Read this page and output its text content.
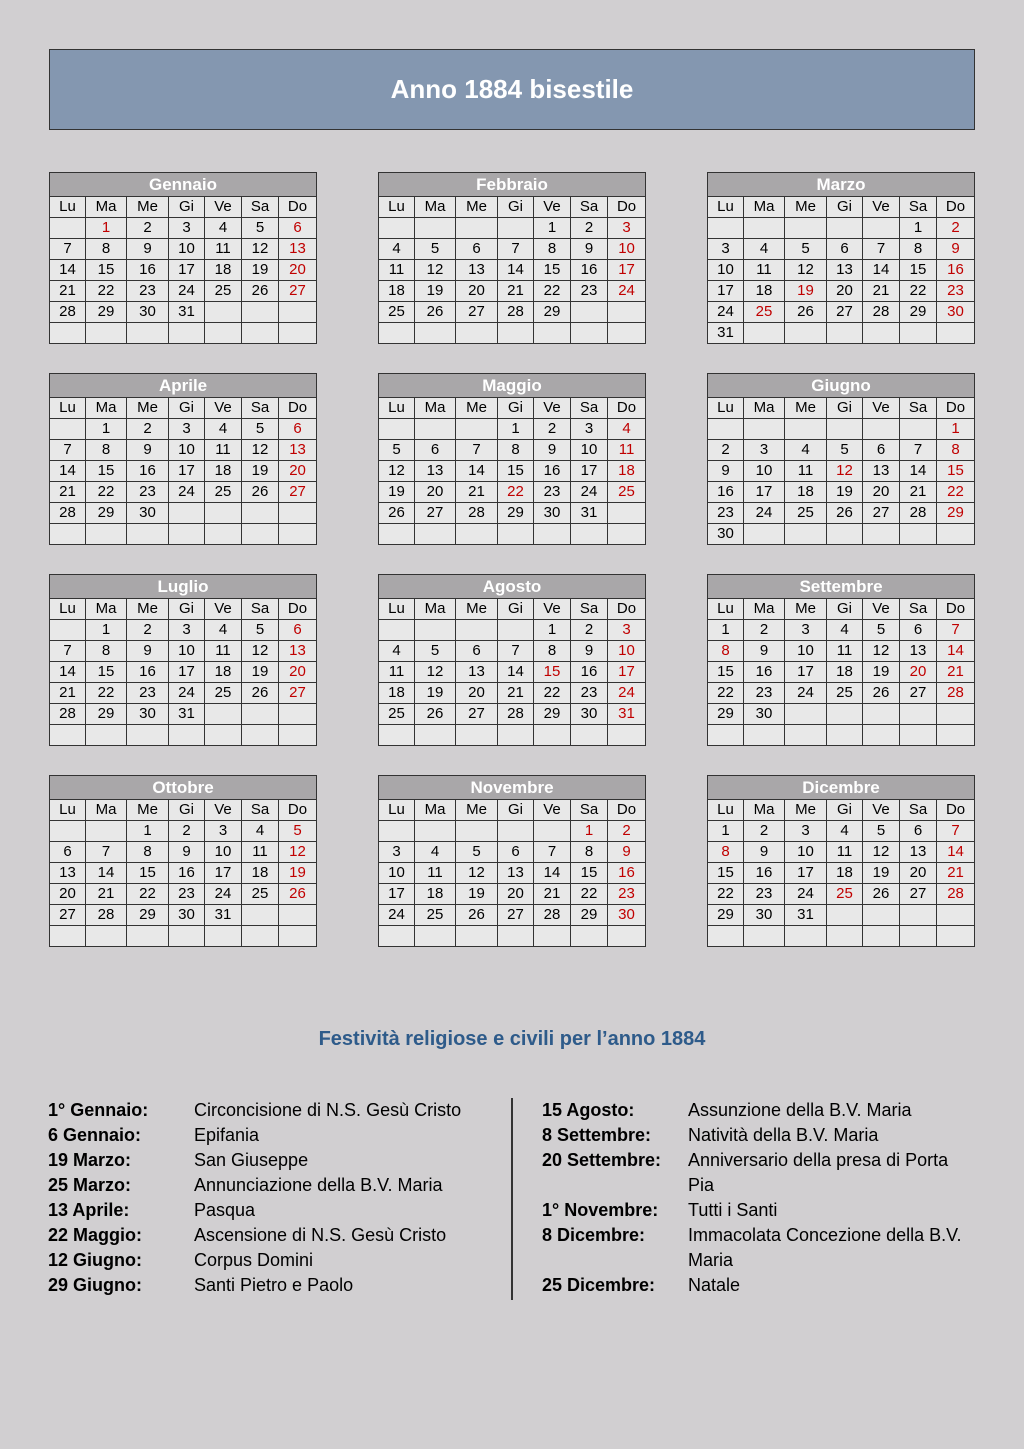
Anno 1884 bisestile
Gennaio						
Lu	Ma	Me	Gi	Ve	Sa	Do
	1	2	3	4	5	6
7	8	9	10	11	12	13
14	15	16	17	18	19	20
21	22	23	24	25	26	27
28	29	30	31			

Febbraio						
Lu	Ma	Me	Gi	Ve	Sa	Do
				1	2	3
4	5	6	7	8	9	10
11	12	13	14	15	16	17
18	19	20	21	22	23	24
25	26	27	28	29		

Marzo						
Lu	Ma	Me	Gi	Ve	Sa	Do
					1	2
3	4	5	6	7	8	9
10	11	12	13	14	15	16
17	18	19	20	21	22	23
24	25	26	27	28	29	30
31						
Aprile						
Lu	Ma	Me	Gi	Ve	Sa	Do
	1	2	3	4	5	6
7	8	9	10	11	12	13
14	15	16	17	18	19	20
21	22	23	24	25	26	27
28	29	30				

Maggio						
Lu	Ma	Me	Gi	Ve	Sa	Do
			1	2	3	4
5	6	7	8	9	10	11
12	13	14	15	16	17	18
19	20	21	22	23	24	25
26	27	28	29	30	31	

Giugno						
Lu	Ma	Me	Gi	Ve	Sa	Do
						1
2	3	4	5	6	7	8
9	10	11	12	13	14	15
16	17	18	19	20	21	22
23	24	25	26	27	28	29
30						
Luglio						
Lu	Ma	Me	Gi	Ve	Sa	Do
	1	2	3	4	5	6
7	8	9	10	11	12	13
14	15	16	17	18	19	20
21	22	23	24	25	26	27
28	29	30	31			

Agosto						
Lu	Ma	Me	Gi	Ve	Sa	Do
				1	2	3
4	5	6	7	8	9	10
11	12	13	14	15	16	17
18	19	20	21	22	23	24
25	26	27	28	29	30	31

Settembre						
Lu	Ma	Me	Gi	Ve	Sa	Do
1	2	3	4	5	6	7
8	9	10	11	12	13	14
15	16	17	18	19	20	21
22	23	24	25	26	27	28
29	30					

Ottobre						
Lu	Ma	Me	Gi	Ve	Sa	Do
		1	2	3	4	5
6	7	8	9	10	11	12
13	14	15	16	17	18	19
20	21	22	23	24	25	26
27	28	29	30	31		

Novembre						
Lu	Ma	Me	Gi	Ve	Sa	Do
					1	2
3	4	5	6	7	8	9
10	11	12	13	14	15	16
17	18	19	20	21	22	23
24	25	26	27	28	29	30

Dicembre						
Lu	Ma	Me	Gi	Ve	Sa	Do
1	2	3	4	5	6	7
8	9	10	11	12	13	14
15	16	17	18	19	20	21
22	23	24	25	26	27	28
29	30	31				

Festività religiose e civili per l’anno 1884
1° Gennaio:	Circoncisione di N.S. Gesù Cristo
6 Gennaio:	Epifania
19 Marzo:	San Giuseppe
25 Marzo:	Annunciazione della B.V. Maria
13 Aprile:	Pasqua
22 Maggio:	Ascensione di N.S. Gesù Cristo
12 Giugno:	Corpus Domini
29 Giugno:	Santi Pietro e Paolo
15 Agosto:	Assunzione della B.V. Maria
8 Settembre:	Natività della B.V. Maria
20 Settembre:	Anniversario della presa di Porta Pia
1° Novembre:	Tutti i Santi
8 Dicembre:	Immacolata Concezione della B.V. Maria
25 Dicembre:	Natale
